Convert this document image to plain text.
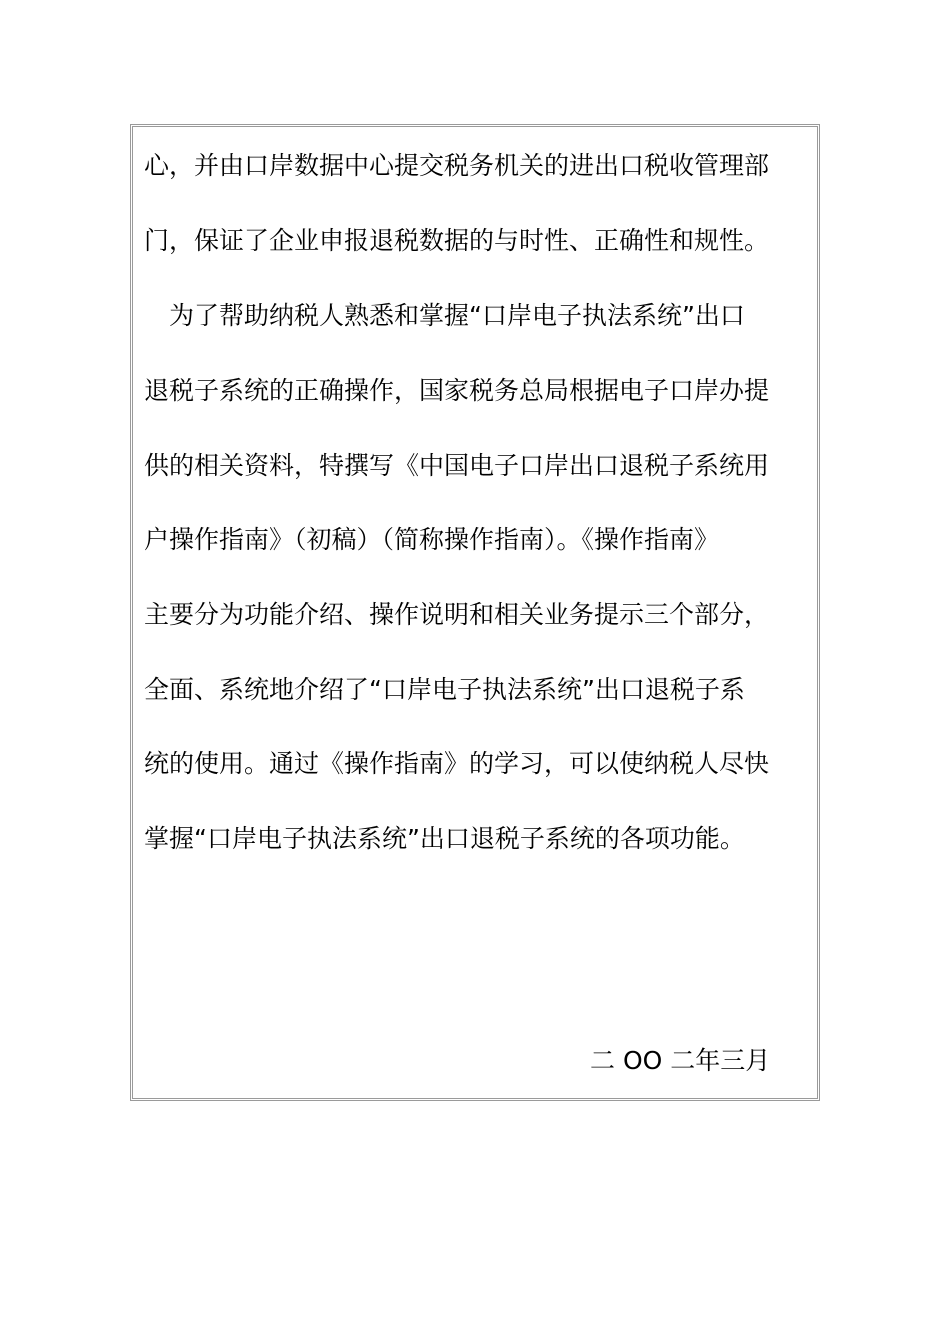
心，并由口岸数据中心提交税务机关的进出口税收管理部
门，保证了企业申报退税数据的与时性、正确性和规性。
　为了帮助纳税人熟悉和掌握“口岸电子执法系统”出口
退税子系统的正确操作，国家税务总局根据电子口岸办提
供的相关资料，特撰写《中国电子口岸出口退税子系统用
户操作指南》（初稿）（简称操作指南）。《操作指南》
主要分为功能介绍、操作说明和相关业务提示三个部分，
全面、系统地介绍了“口岸电子执法系统”出口退税子系
统的使用。通过《操作指南》的学习，可以使纳税人尽快
掌握“口岸电子执法系统”出口退税子系统的各项功能。
二 OO 二年三月
